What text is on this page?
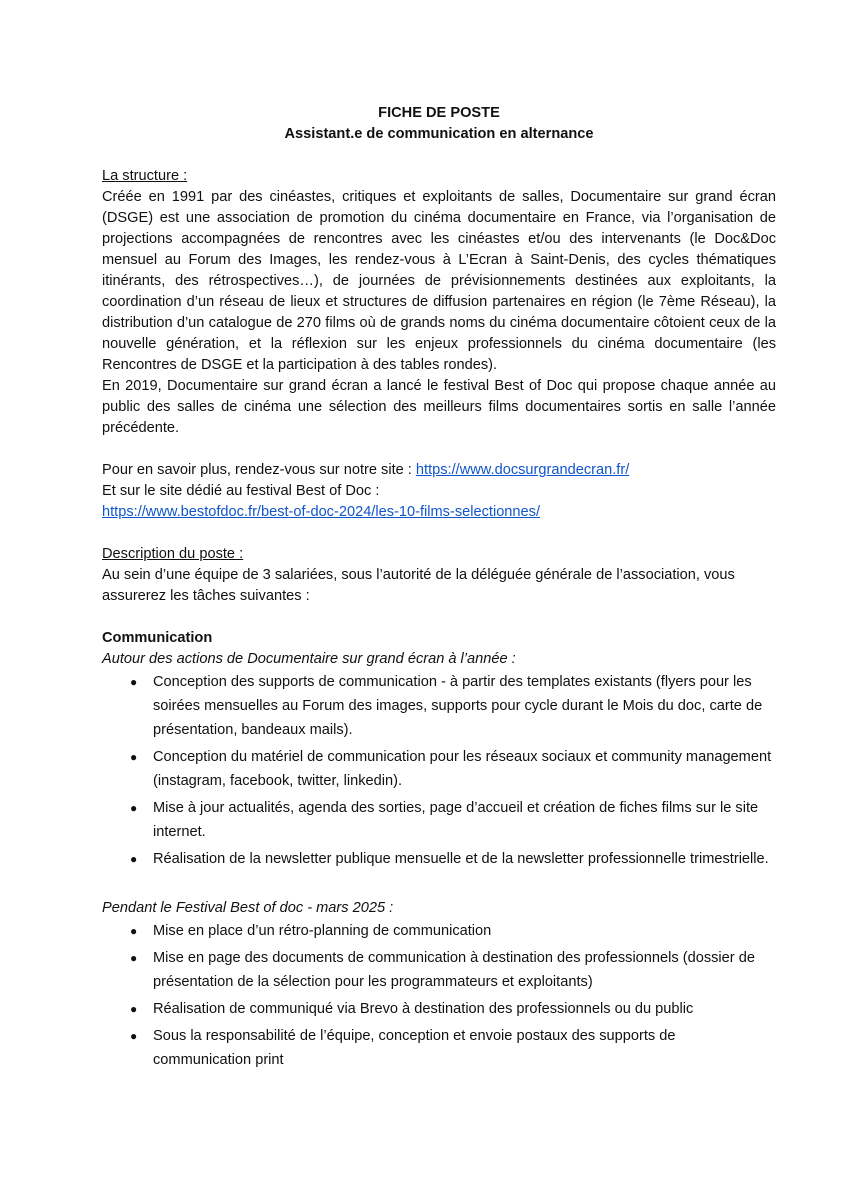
FICHE DE POSTE
Assistant.e de communication en alternance

La structure :

Créée en 1991 par des cinéastes, critiques et exploitants de salles, Documentaire sur grand écran (DSGE) est une association de promotion du cinéma documentaire en France, via l’organisation de projections accompagnées de rencontres avec les cinéastes et/ou des intervenants (le Doc&Doc mensuel au Forum des Images, les rendez-vous à L’Ecran à Saint-Denis, des cycles thématiques itinérants, des rétrospectives…), de journées de prévisionnements destinées aux exploitants, la coordination d’un réseau de lieux et structures de diffusion partenaires en région (le 7ème Réseau), la distribution d’un catalogue de 270 films où de grands noms du cinéma documentaire côtoient ceux de la nouvelle génération, et la réflexion sur les enjeux professionnels du cinéma documentaire (les Rencontres de DSGE et la participation à des tables rondes).

En 2019, Documentaire sur grand écran a lancé le festival Best of Doc qui propose chaque année au public des salles de cinéma une sélection des meilleurs films documentaires sortis en salle l’année précédente.

Pour en savoir plus, rendez-vous sur notre site : https://www.docsurgrandecran.fr/

Et sur le site dédié au festival Best of Doc :

https://www.bestofdoc.fr/best-of-doc-2024/les-10-films-selectionnes/

Description du poste :

Au sein d’une équipe de 3 salariées, sous l’autorité de la déléguée générale de l’association, vous assurerez les tâches suivantes :

Communication

Autour des actions de Documentaire sur grand écran à l’année :

● Conception des supports de communication - à partir des templates existants (flyers pour les soirées mensuelles au Forum des images, supports pour cycle durant le Mois du doc, carte de présentation, bandeaux mails).
● Conception du matériel de communication pour les réseaux sociaux et community management (instagram, facebook, twitter, linkedin).
● Mise à jour actualités, agenda des sorties, page d’accueil et création de fiches films sur le site internet.
● Réalisation de la newsletter publique mensuelle et de la newsletter professionnelle trimestrielle.

Pendant le Festival Best of doc - mars 2025 :

● Mise en place d’un rétro-planning de communication
● Mise en page des documents de communication à destination des professionnels (dossier de présentation de la sélection pour les programmateurs et exploitants)
● Réalisation de communiqué via Brevo à destination des professionnels ou du public
● Sous la responsabilité de l’équipe, conception et envoie postaux des supports de communication print
